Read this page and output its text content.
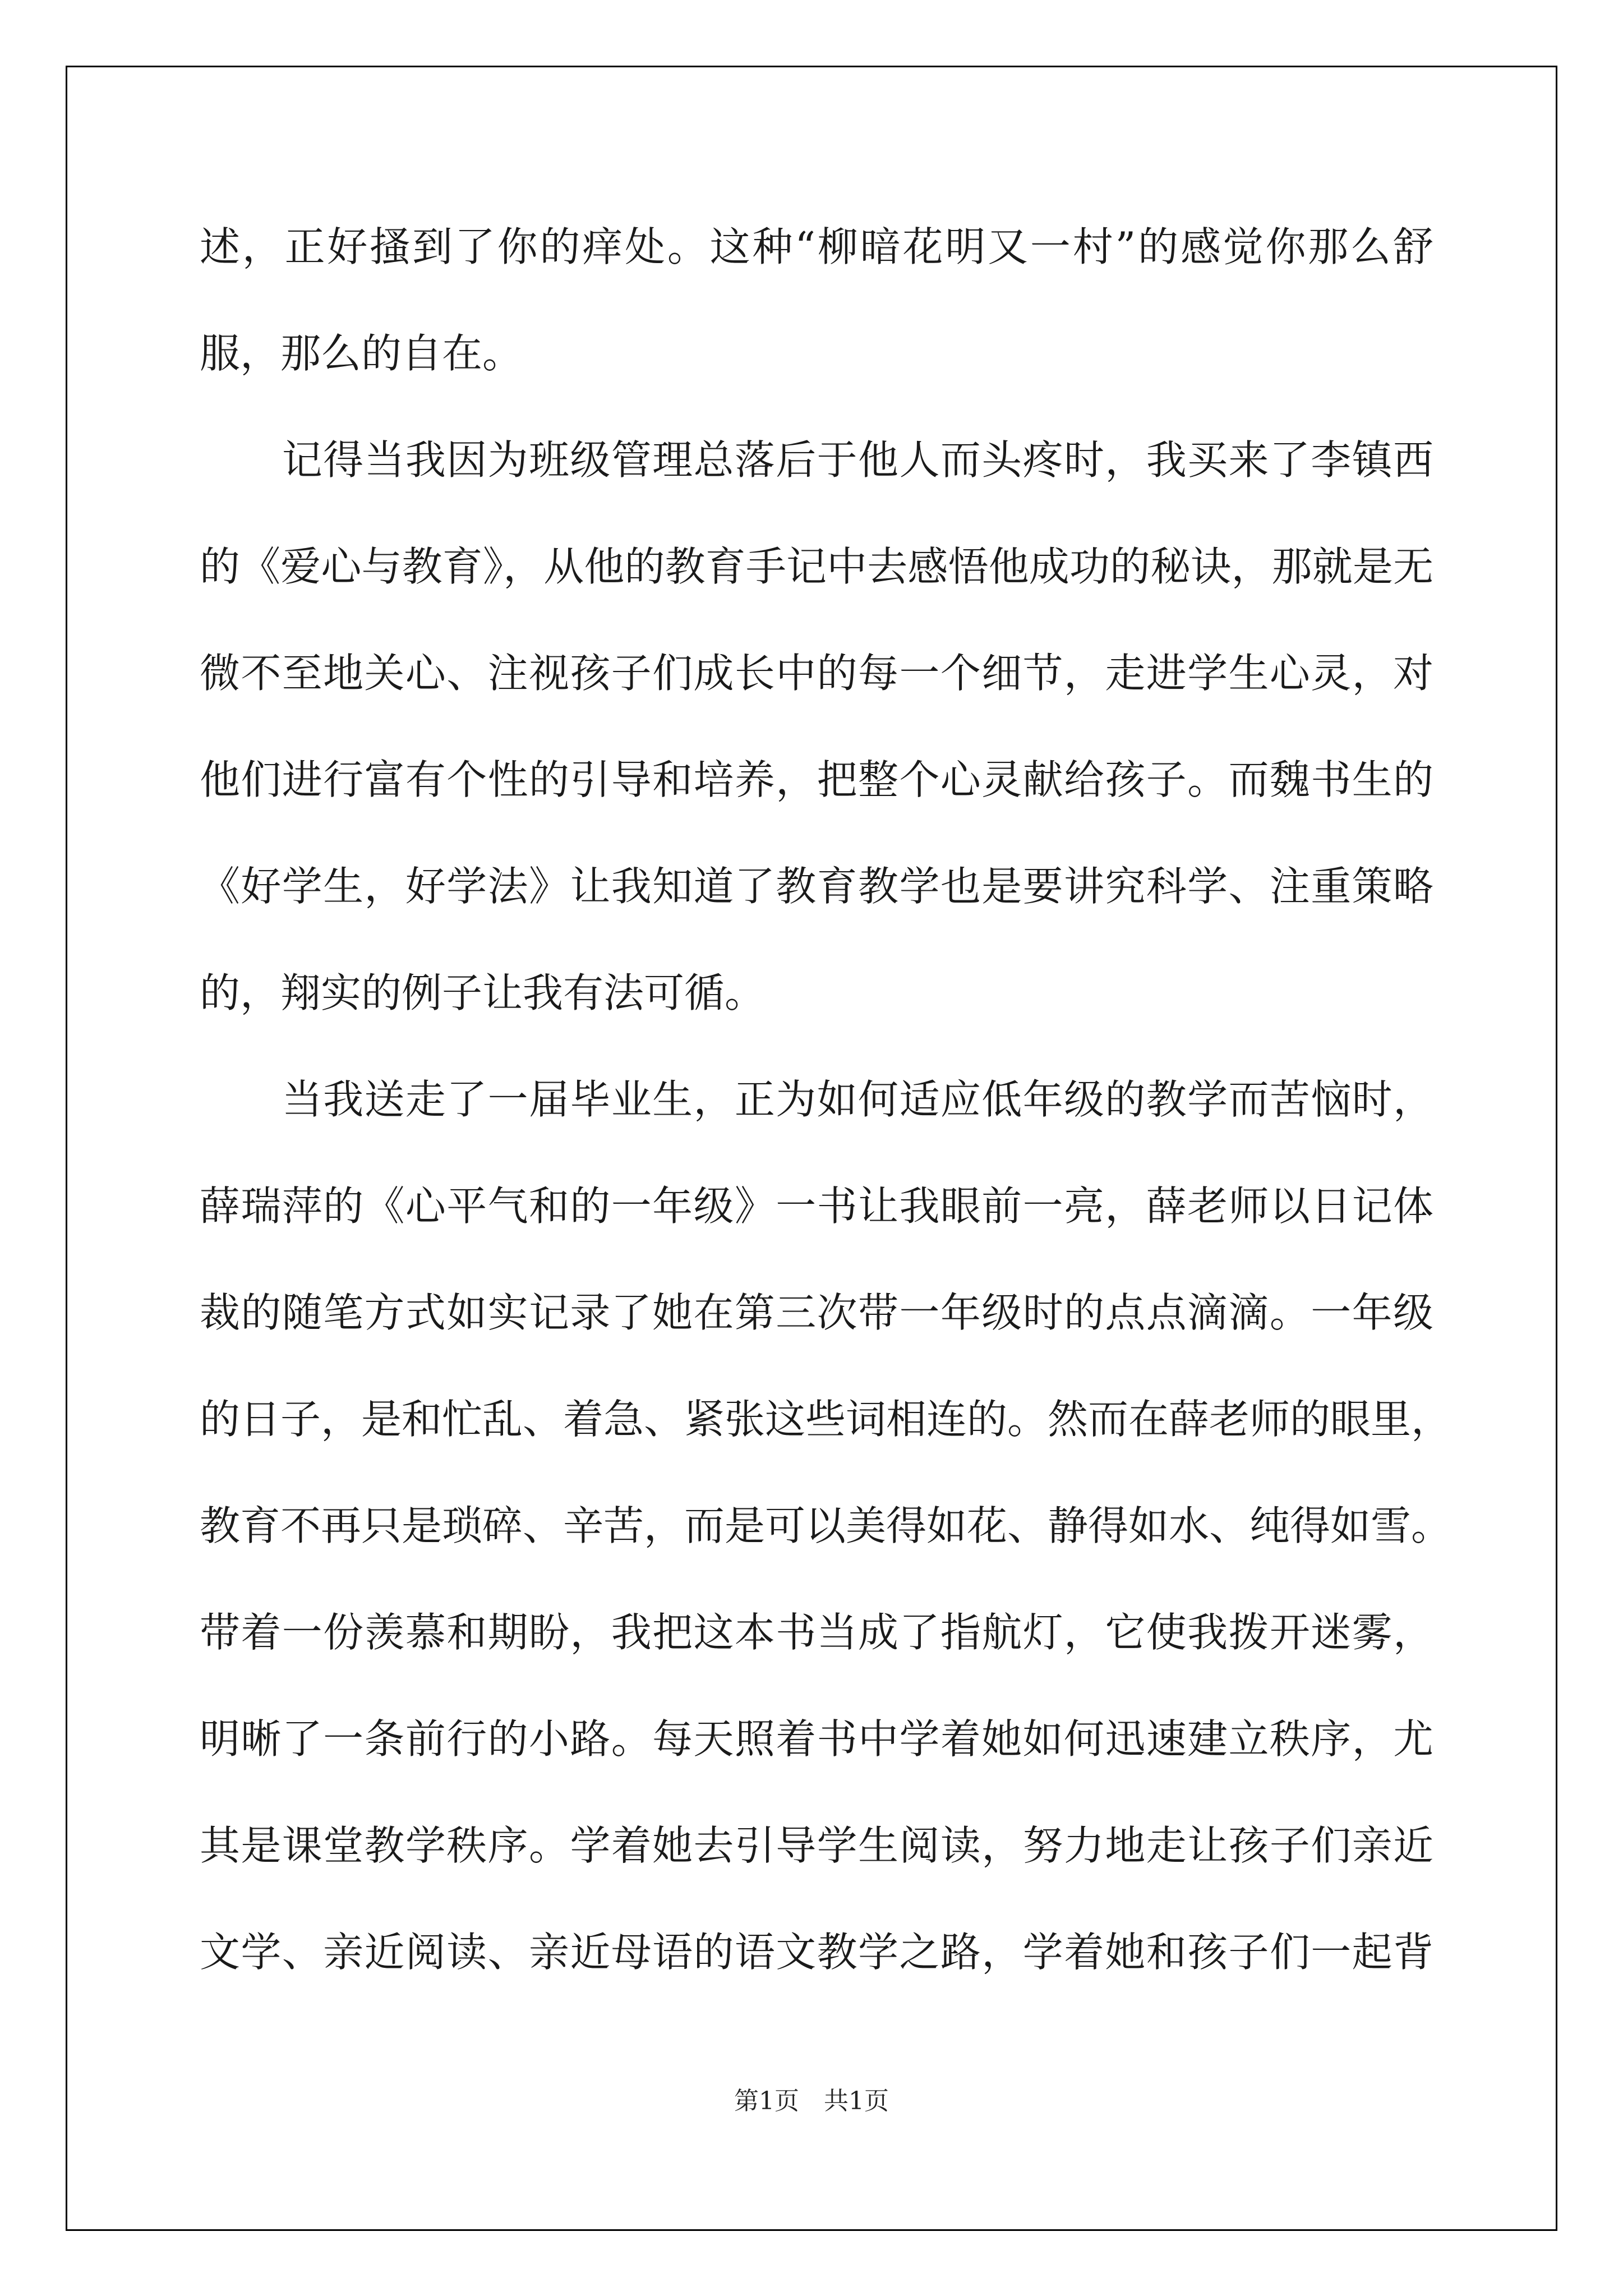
述，正好搔到了你的痒处。这种“柳暗花明又一村”的感觉你那么舒
服，那么的自在。
　　记得当我因为班级管理总落后于他人而头疼时，我买来了李镇西
的《爱心与教育》，从他的教育手记中去感悟他成功的秘诀，那就是无
微不至地关心、注视孩子们成长中的每一个细节，走进学生心灵，对
他们进行富有个性的引导和培养，把整个心灵献给孩子。而魏书生的
《好学生，好学法》让我知道了教育教学也是要讲究科学、注重策略
的，翔实的例子让我有法可循。
　　当我送走了一届毕业生，正为如何适应低年级的教学而苦恼时，
薛瑞萍的《心平气和的一年级》一书让我眼前一亮，薛老师以日记体
裁的随笔方式如实记录了她在第三次带一年级时的点点滴滴。一年级
的日子，是和忙乱、着急、紧张这些词相连的。然而在薛老师的眼里，
教育不再只是琐碎、辛苦，而是可以美得如花、静得如水、纯得如雪。
带着一份羡慕和期盼，我把这本书当成了指航灯，它使我拨开迷雾，
明晰了一条前行的小路。每天照着书中学着她如何迅速建立秩序，尤
其是课堂教学秩序。学着她去引导学生阅读，努力地走让孩子们亲近
文学、亲近阅读、亲近母语的语文教学之路，学着她和孩子们一起背
第1页　共1页
